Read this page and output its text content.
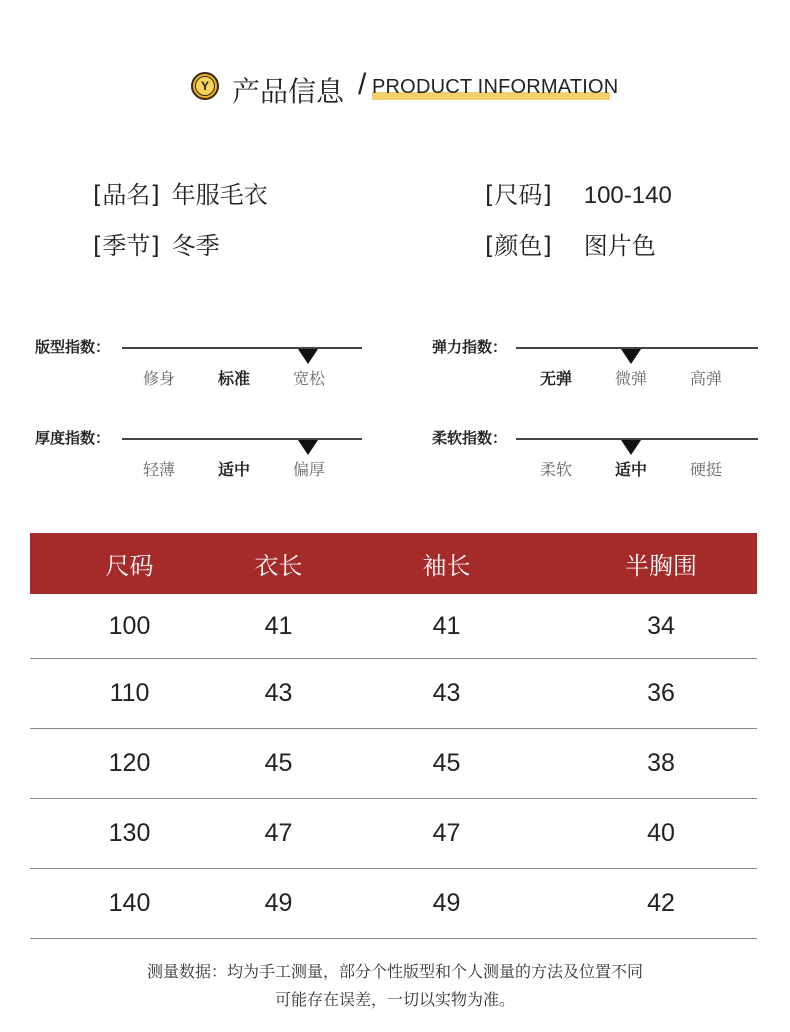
Y 产品信息 / PRODUCT INFORMATION
[品名] 年服毛衣
[季节] 冬季
[尺码] 100-140
[颜色] 图片色
版型指数：
修身	标准	宽松
弹力指数：
无弹	微弹	高弹
厚度指数：
轻薄	适中	偏厚
柔软指数：
柔软	适中	硬挺
尺码	衣长	袖长	半胸围
100	41	41	34
110	43	43	36
120	45	45	38
130	47	47	40
140	49	49	42
测量数据：均为手工测量，部分个性版型和个人测量的方法及位置不同
可能存在误差，一切以实物为准。
